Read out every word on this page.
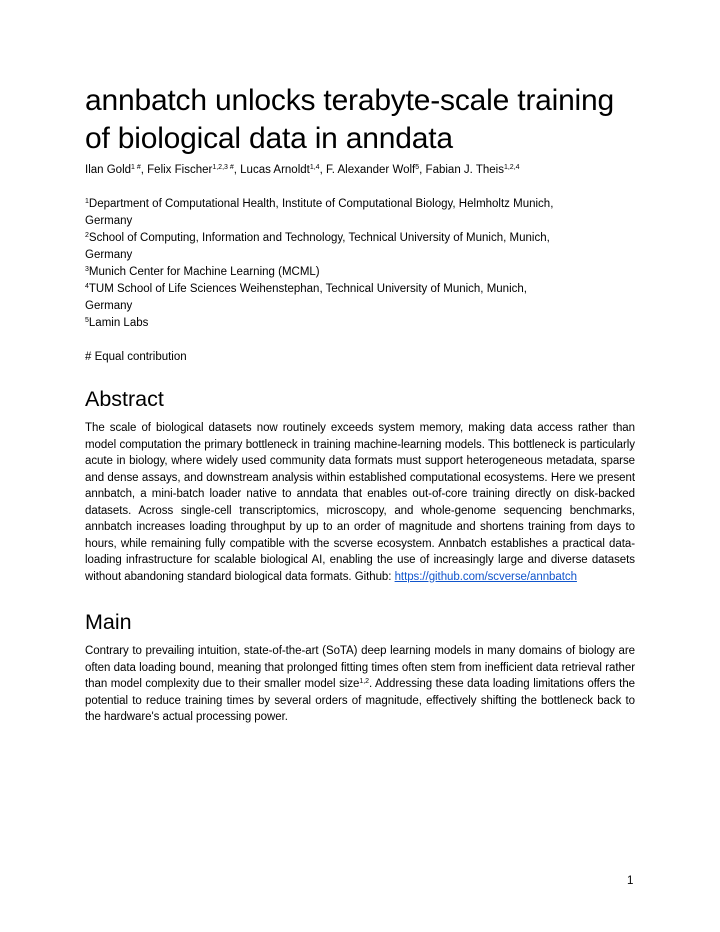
annbatch unlocks terabyte-scale training
of biological data in anndata
Ilan Gold$^{1 \#}$, Felix Fischer$^{1,2,3 \#}$, Lucas Arnoldt$^{1,4}$, F. Alexander Wolf$^5$, Fabian J. Theis$^{1,2,4}$
$^1$Department of Computational Health, Institute of Computational Biology, Helmholtz Munich,
Germany
$^2$School of Computing, Information and Technology, Technical University of Munich, Munich,
Germany
$^3$Munich Center for Machine Learning (MCML)
$^4$TUM School of Life Sciences Weihenstephan, Technical University of Munich, Munich,
Germany
$^5$Lamin Labs
# Equal contribution
Abstract

The scale of biological datasets now routinely exceeds system memory, making data access rather than model computation the primary bottleneck in training machine-learning models. This bottleneck is particularly acute in biology, where widely used community data formats must support heterogeneous metadata, sparse and dense assays, and downstream analysis within established computational ecosystems. Here we present annbatch, a mini-batch loader native to anndata that enables out-of-core training directly on disk-backed datasets. Across single-cell transcriptomics, microscopy, and whole-genome sequencing benchmarks, annbatch increases loading throughput by up to an order of magnitude and shortens training from days to hours, while remaining fully compatible with the scverse ecosystem. Annbatch establishes a practical data-loading infrastructure for scalable biological AI, enabling the use of increasingly large and diverse datasets without abandoning standard biological data formats. Github: https://github.com/scverse/annbatch

Main

Contrary to prevailing intuition, state-of-the-art (SoTA) deep learning models in many domains of biology are often data loading bound, meaning that prolonged fitting times often stem from inefficient data retrieval rather than model complexity due to their smaller model size$^{1,2}$. Addressing these data loading limitations offers the potential to reduce training times by several orders of magnitude, effectively shifting the bottleneck back to the hardware's actual processing power.

1
